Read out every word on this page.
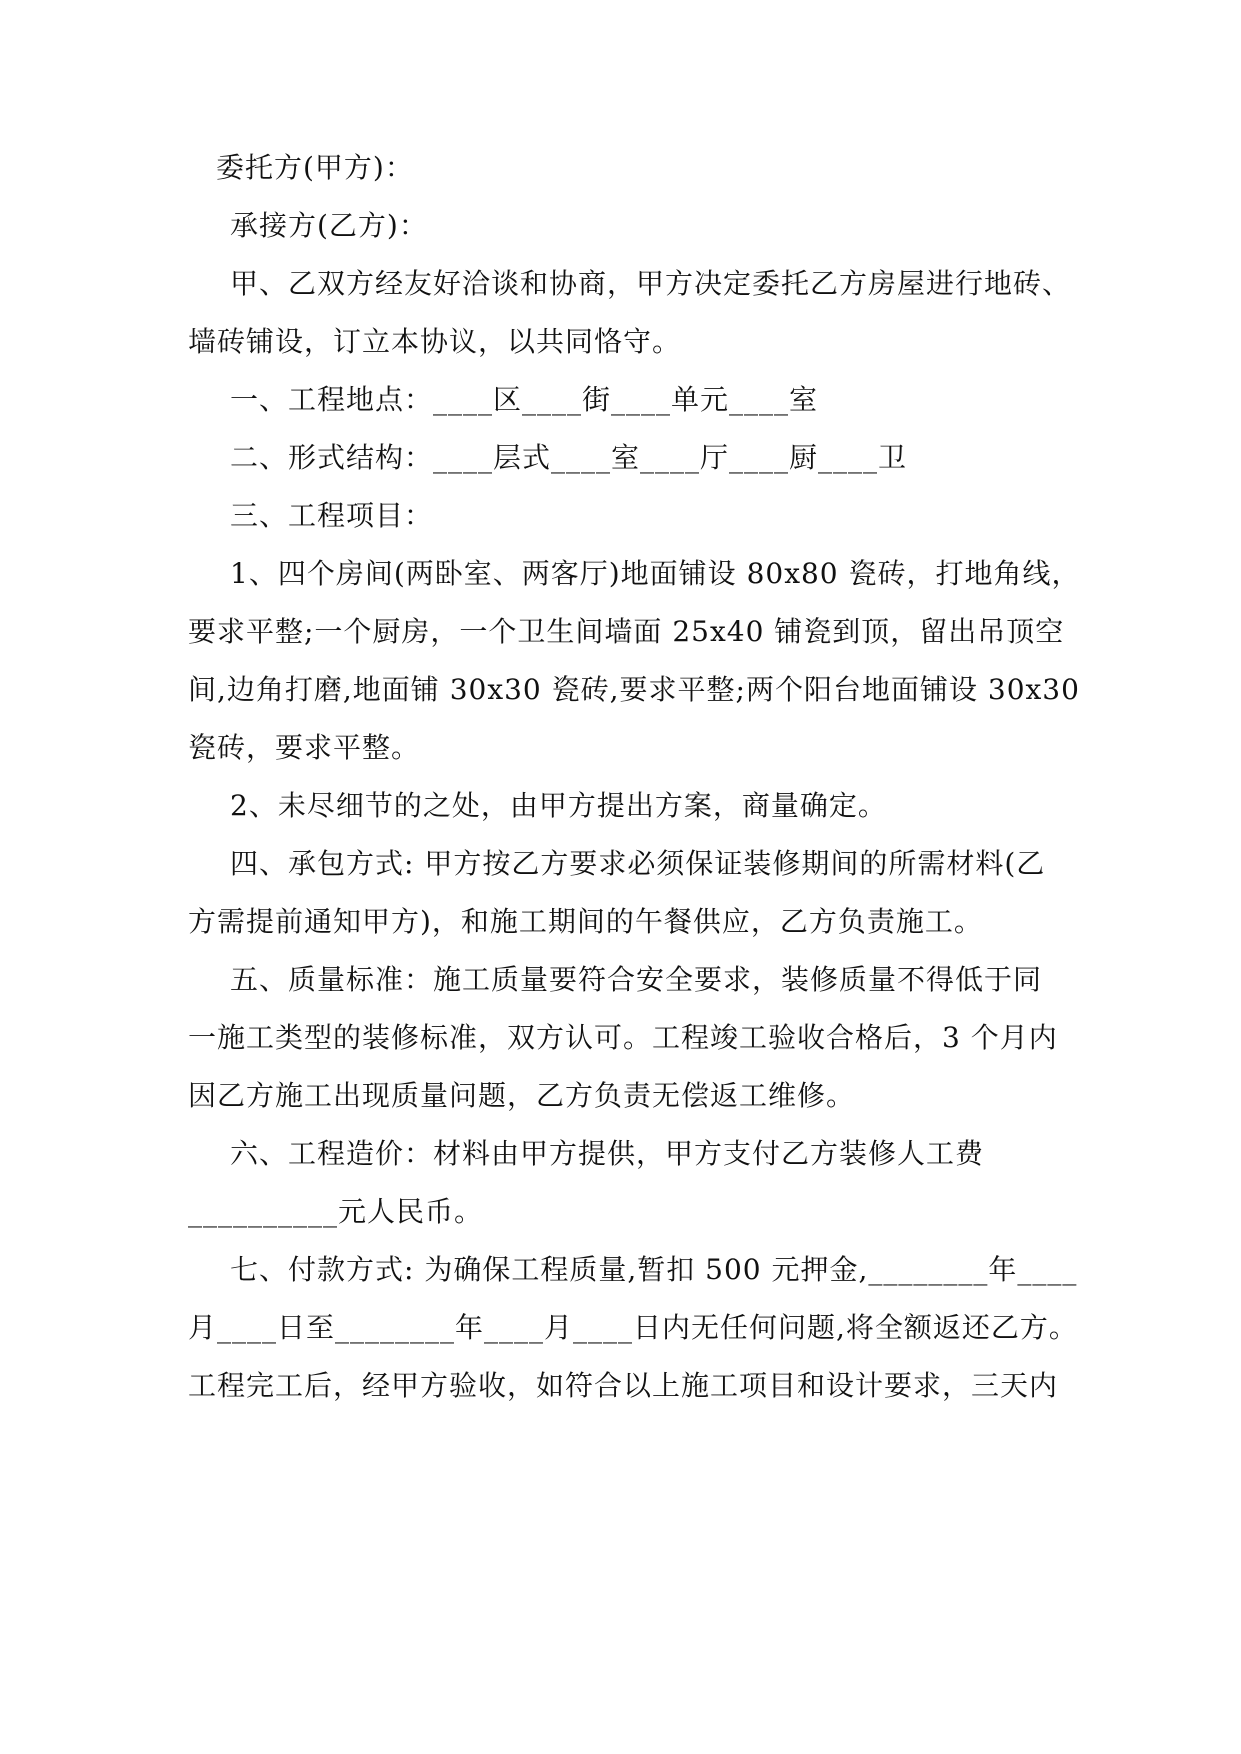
委托方(甲方)：
承接方(乙方)：
甲、乙双方经友好洽谈和协商，甲方决定委托乙方房屋进行地砖、
墙砖铺设，订立本协议，以共同恪守。
一、工程地点：____区____街____单元____室
二、形式结构：____层式____室____厅____厨____卫
三、工程项目：
1、四个房间(两卧室、两客厅)地面铺设 80x80 瓷砖，打地角线，
要求平整;一个厨房，一个卫生间墙面 25x40 铺瓷到顶，留出吊顶空
间,边角打磨,地面铺 30x30 瓷砖,要求平整;两个阳台地面铺设 30x30
瓷砖，要求平整。
2、未尽细节的之处，由甲方提出方案，商量确定。
四、承包方式: 甲方按乙方要求必须保证装修期间的所需材料(乙
方需提前通知甲方)，和施工期间的午餐供应，乙方负责施工。
五、质量标准：施工质量要符合安全要求，装修质量不得低于同
一施工类型的装修标准，双方认可。工程竣工验收合格后，3 个月内
因乙方施工出现质量问题，乙方负责无偿返工维修。
六、工程造价：材料由甲方提供，甲方支付乙方装修人工费
__________元人民币。
七、付款方式: 为确保工程质量,暂扣 500 元押金,________年____
月____日至________年____月____日内无任何问题,将全额返还乙方。
工程完工后，经甲方验收，如符合以上施工项目和设计要求，三天内
